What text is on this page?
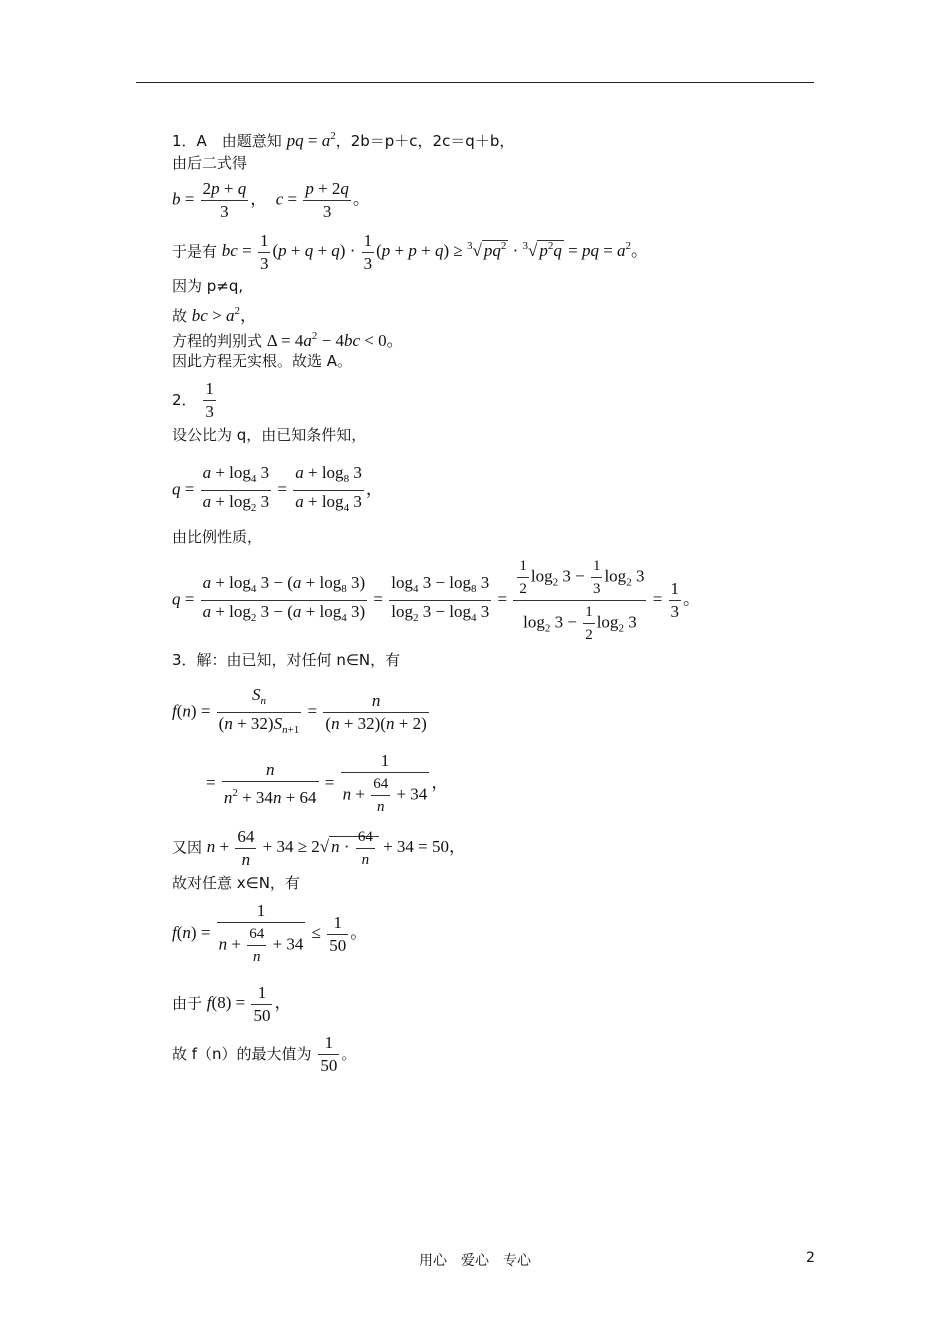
1．A　由题意知 pq = $a^2$，2b＝p＋c，2c＝q＋b，
由后二式得
$b = \frac{2p + q}{3}$ ，  $c = \frac{p + 2q}{3}$ 。
于是有 bc = $\frac{1}{3} (p + q + q) \cdot \frac{1}{3} (p + p + q) \ge ^3√$ $pq^2 \cdot ^3√$ $p^2q$ = pq = $a^2$。
因为 p≠q,
故 bc > $a^2$，
方程的判别式 $\Delta = 4a^2 - 4bc < 0$。
因此方程无实根。故选 A。
2． $\frac{1}{3}$
设公比为 q，由已知条件知，
$q = \frac{a + \log_4 3}{a + \log_2 3} = \frac{a + \log_8 3}{a + \log_4 3}$ ，
由比例性质，
$q = \frac{a + \log_4 3 - (a + \log_8 3)}{a + \log_2 3 - (a + \log_4 3)} = \frac{\log_4 3 - \log_8 3}{\log_2 3 - \log_4 3} = \frac{\frac{1}{2} \log_2 3 - \frac{1}{3} \log_2 3}{\log_2 3 - \frac{1}{2} \log_2 3} = \frac{1}{3}$ 。
3．解：由已知，对任何 n∈N，有
$f(n) = \frac{S_n}{(n + 32)S_{n+1}} = \frac{n}{(n + 32)(n + 2)}$
= $\frac{n}{n^2 + 34n + 64} = \frac{1}{n + \frac{64}{n} + 34}$ ，
又因 $n + \frac{64}{n} + 34 \ge 2√$ $n \cdot \frac{64}{n} + 34 = 50$，
故对任意 x∈N，有
$f(n) = \frac{1}{n + \frac{64}{n} + 34} \le \frac{1}{50}$ 。
由于 $f(8) = \frac{1}{50}$ ，
故 f（n）的最大值为 $\frac{1}{50}$ 。
用心　爱心　专心	2
